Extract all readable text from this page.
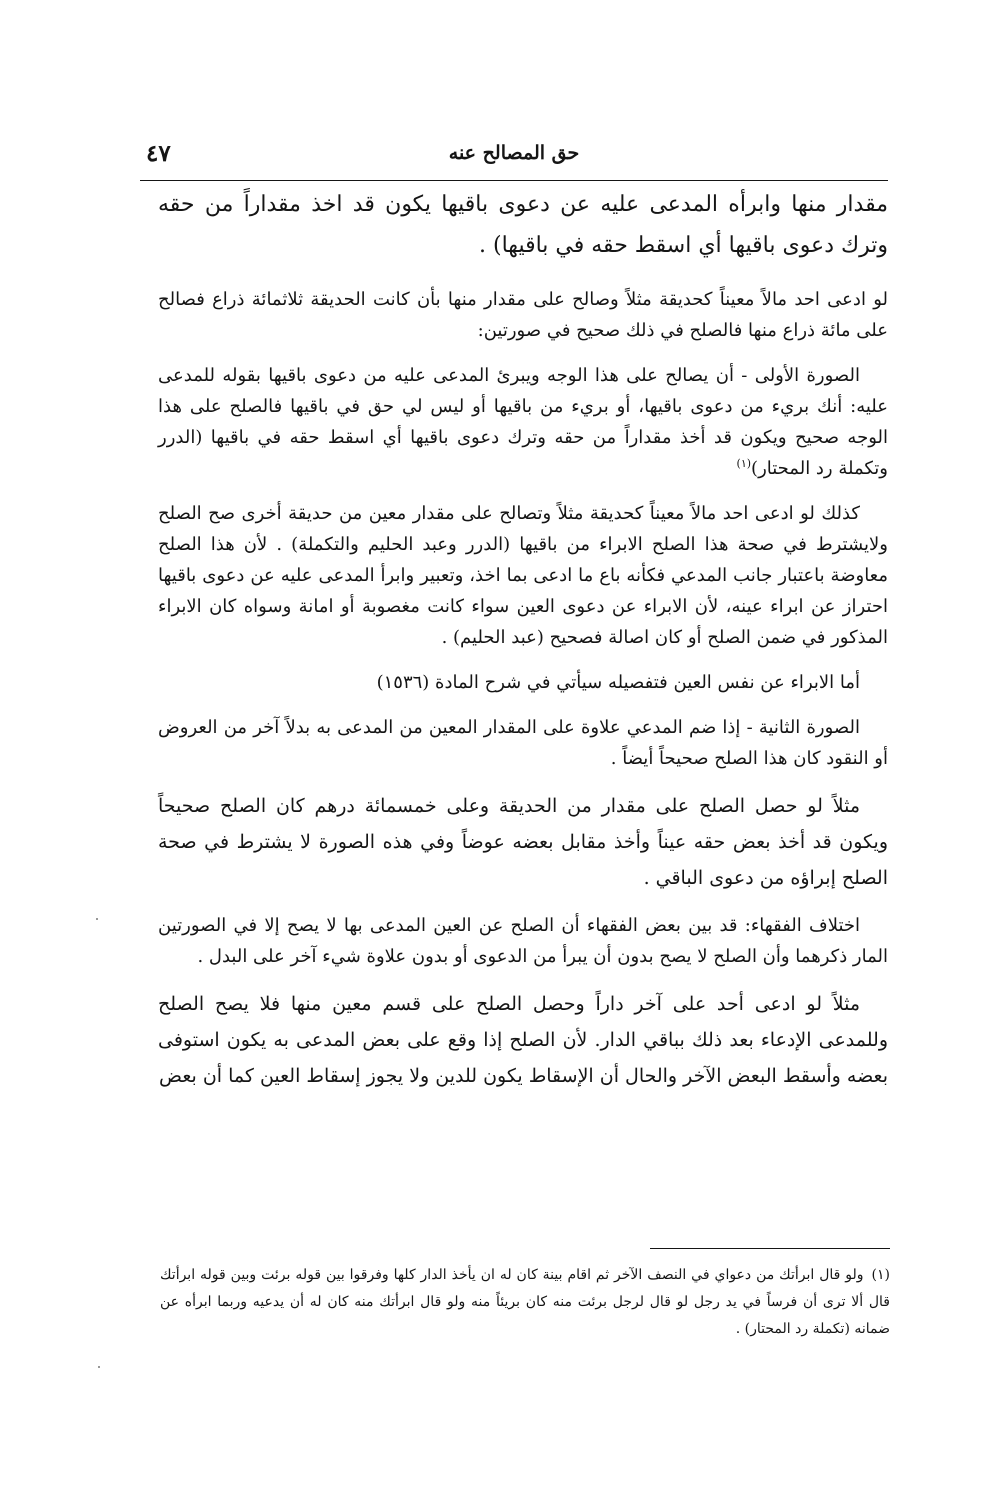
حق المصالح عنه
٤٧

مقدار منها وابرأه المدعى عليه عن دعوى باقيها يكون قد اخذ مقداراً من حقه وترك دعوى باقيها أي اسقط حقه في باقيها) .

لو ادعى احد مالاً معيناً كحديقة مثلاً وصالح على مقدار منها بأن كانت الحديقة ثلاثمائة ذراع فصالح على مائة ذراع منها فالصلح في ذلك صحيح في صورتين:

الصورة الأولى - أن يصالح على هذا الوجه ويبرئ المدعى عليه من دعوى باقيها بقوله للمدعى عليه: أنك بريء من دعوى باقيها، أو بريء من باقيها أو ليس لي حق في باقيها فالصلح على هذا الوجه صحيح ويكون قد أخذ مقداراً من حقه وترك دعوى باقيها أي اسقط حقه في باقيها (الدرر وتكملة رد المحتار)$^{(١)}$

كذلك لو ادعى احد مالاً معيناً كحديقة مثلاً وتصالح على مقدار معين من حديقة أخرى صح الصلح ولايشترط في صحة هذا الصلح الابراء من باقيها (الدرر وعبد الحليم والتكملة) . لأن هذا الصلح معاوضة باعتبار جانب المدعي فكأنه باع ما ادعى بما اخذ، وتعبير وابرأ المدعى عليه عن دعوى باقيها احتراز عن ابراء عينه، لأن الابراء عن دعوى العين سواء كانت مغصوبة أو امانة وسواه كان الابراء المذكور في ضمن الصلح أو كان اصالة فصحيح (عبد الحليم) .

أما الابراء عن نفس العين فتفصيله سيأتي في شرح المادة (١٥٣٦)

الصورة الثانية - إذا ضم المدعي علاوة على المقدار المعين من المدعى به بدلاً آخر من العروض أو النقود كان هذا الصلح صحيحاً أيضاً .

مثلاً لو حصل الصلح على مقدار من الحديقة وعلى خمسمائة درهم كان الصلح صحيحاً ويكون قد أخذ بعض حقه عيناً وأخذ مقابل بعضه عوضاً وفي هذه الصورة لا يشترط في صحة الصلح إبراؤه من دعوى الباقي .

اختلاف الفقهاء: قد بين بعض الفقهاء أن الصلح عن العين المدعى بها لا يصح إلا في الصورتين المار ذكرهما وأن الصلح لا يصح بدون أن يبرأ من الدعوى أو بدون علاوة شيء آخر على البدل .

مثلاً لو ادعى أحد على آخر داراً وحصل الصلح على قسم معين منها فلا يصح الصلح وللمدعى الإدعاء بعد ذلك بباقي الدار. لأن الصلح إذا وقع على بعض المدعى به يكون استوفى بعضه وأسقط البعض الآخر والحال أن الإسقاط يكون للدين ولا يجوز إسقاط العين كما أن بعض

(١)ولو قال ابرأتك من دعواي في النصف الآخر ثم اقام بينة كان له ان يأخذ الدار كلها وفرقوا بين قوله برئت وبين قوله ابرأتك قال ألا ترى أن فرساً في يد رجل لو قال لرجل برئت منه كان بريئاً منه ولو قال ابرأتك منه كان له أن يدعيه وربما ابرأه عن ضمانه (تكملة رد المحتار) .
